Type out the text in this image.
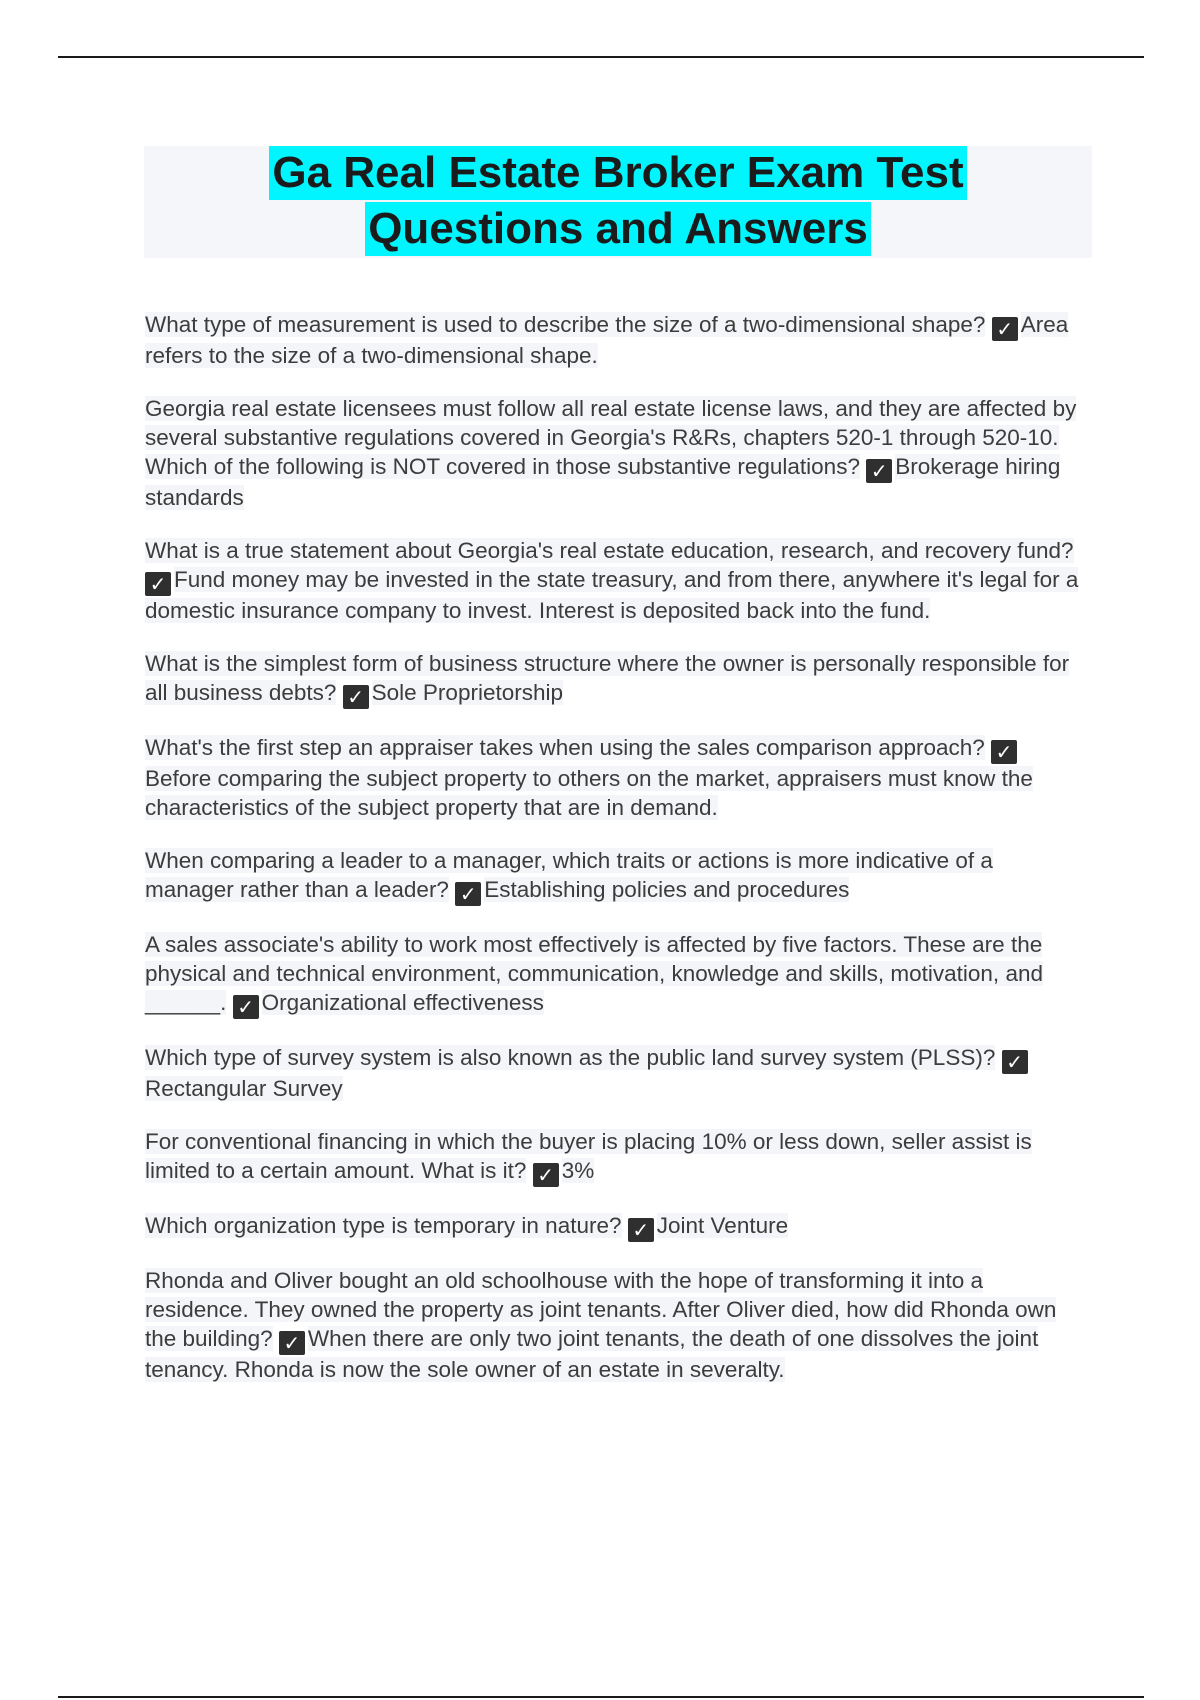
Ga Real Estate Broker Exam Test
Questions and Answers

What type of measurement is used to describe the size of a two-dimensional shape? ✓ Area refers to the size of a two-dimensional shape.

Georgia real estate licensees must follow all real estate license laws, and they are affected by several substantive regulations covered in Georgia's R&Rs, chapters 520-1 through 520-10. Which of the following is NOT covered in those substantive regulations? ✓ Brokerage hiring standards

What is a true statement about Georgia's real estate education, research, and recovery fund? ✓ Fund money may be invested in the state treasury, and from there, anywhere it's legal for a domestic insurance company to invest. Interest is deposited back into the fund.

What is the simplest form of business structure where the owner is personally responsible for all business debts? ✓ Sole Proprietorship

What's the first step an appraiser takes when using the sales comparison approach? ✓Before comparing the subject property to others on the market, appraisers must know the characteristics of the subject property that are in demand.

When comparing a leader to a manager, which traits or actions is more indicative of a manager rather than a leader? ✓ Establishing policies and procedures

A sales associate's ability to work most effectively is affected by five factors. These are the physical and technical environment, communication, knowledge and skills, motivation, and ______. ✓ Organizational effectiveness

Which type of survey system is also known as the public land survey system (PLSS)? ✓Rectangular Survey

For conventional financing in which the buyer is placing 10% or less down, seller assist is limited to a certain amount. What is it? ✓ 3%

Which organization type is temporary in nature? ✓ Joint Venture

Rhonda and Oliver bought an old schoolhouse with the hope of transforming it into a residence. They owned the property as joint tenants. After Oliver died, how did Rhonda own the building? ✓ When there are only two joint tenants, the death of one dissolves the joint tenancy. Rhonda is now the sole owner of an estate in severalty.
